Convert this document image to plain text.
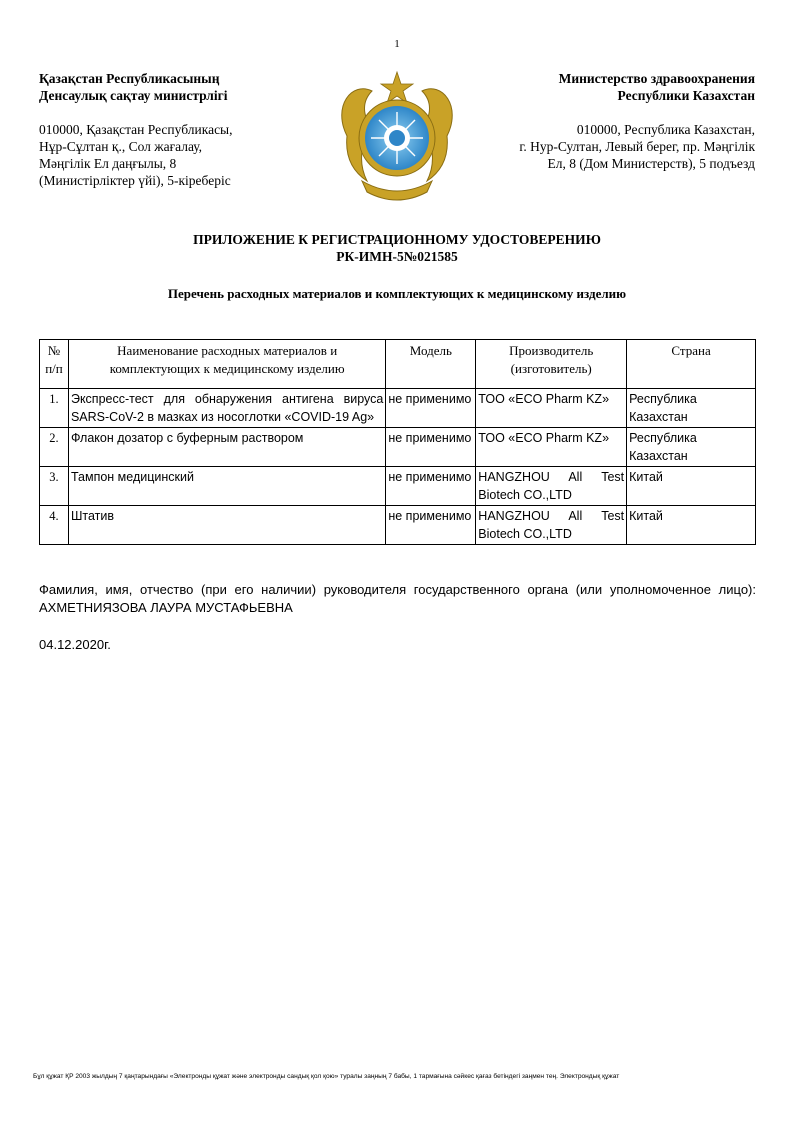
1
Қазақстан Республикасының
Денсаулық сақтау министрлігі
010000, Қазақстан Республикасы,
Нұр-Сұлтан қ., Сол жағалау,
Мәңгілік Ел даңғылы, 8
(Министірліктер үйі), 5-кіреберіс
Министерство здравоохранения
Республики Казахстан
010000, Республика Казахстан,
г. Нур-Султан, Левый берег, пр. Мәңгілік
Ел, 8 (Дом Министерств), 5 подъезд
ПРИЛОЖЕНИЕ К РЕГИСТРАЦИОННОМУ УДОСТОВЕРЕНИЮ
РК-ИМН-5№021585
Перечень расходных материалов и комплектующих к медицинскому изделию
№ п/п	Наименование расходных материалов и комплектующих к медицинскому изделию	Модель	Производитель (изготовитель)	Страна
1.	Экспресс-тест для обнаружения антигена вируса SARS-CoV-2 в мазках из носоглотки «COVID-19 Ag»	не применимо	ТОО «ECO Pharm KZ»	Республика Казахстан
2.	Флакон дозатор с буферным раствором	не применимо	ТОО «ECO Pharm KZ»	Республика Казахстан
3.	Тампон медицинский	не применимо	HANGZHOU All Test Biotech CO.,LTD	Китай
4.	Штатив	не применимо	HANGZHOU All Test Biotech CO.,LTD	Китай
Фамилия, имя, отчество (при его наличии) руководителя государственного органа (или уполномоченное лицо): АХМЕТНИЯЗОВА ЛАУРА МУСТАФЬЕВНА
04.12.2020г.
Бұл құжат ҚР 2003 жылдың 7 қаңтарындағы «Электронды құжат және электронды сандық қол қою» туралы заңның 7 бабы, 1 тармағына сәйкес қағаз бетіндегі заңмен тең. Электрондық құжат
